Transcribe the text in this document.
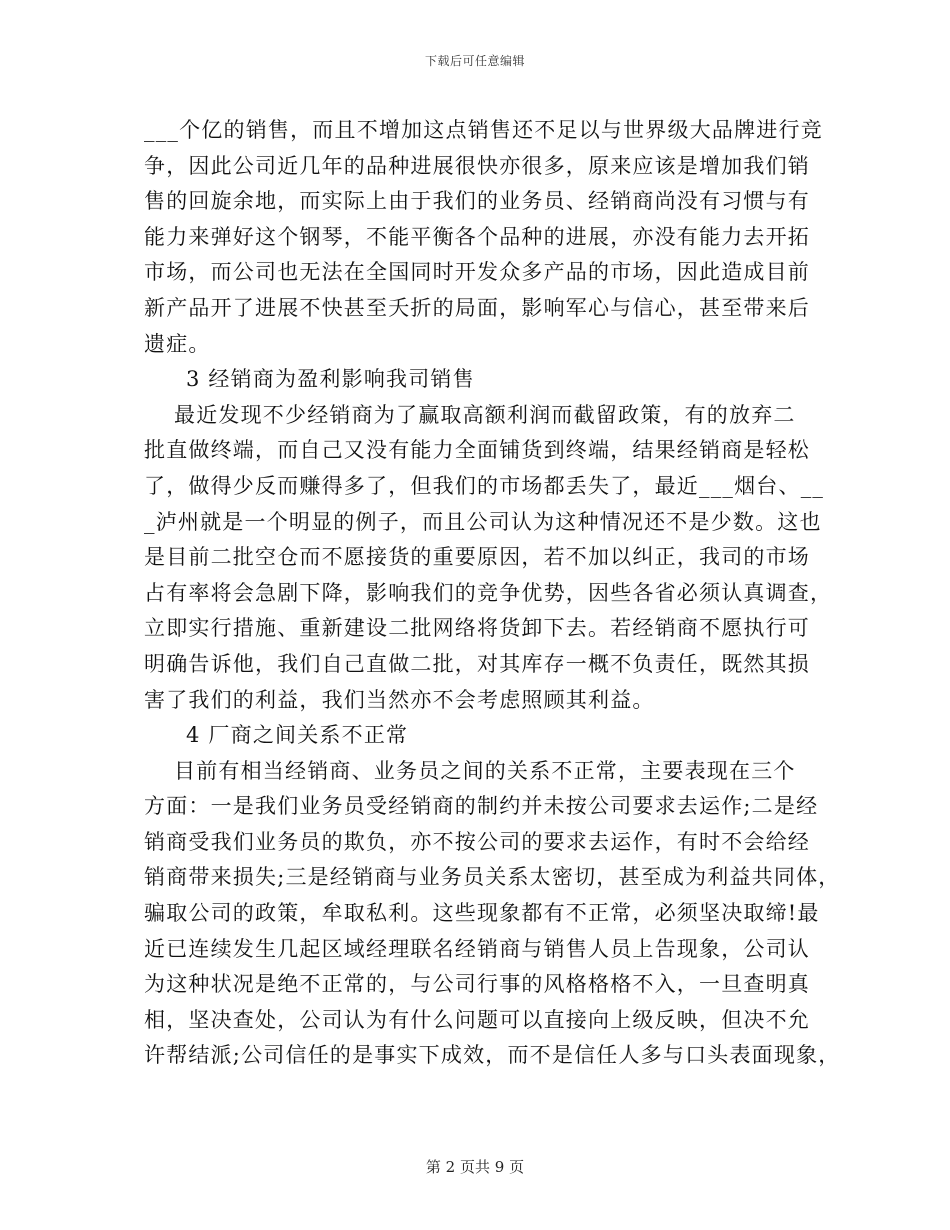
下载后可任意编辑
___个亿的销售，而且不增加这点销售还不足以与世界级大品牌进行竞
争，因此公司近几年的品种进展很快亦很多，原来应该是增加我们销
售的回旋余地，而实际上由于我们的业务员、经销商尚没有习惯与有
能力来弹好这个钢琴，不能平衡各个品种的进展，亦没有能力去开拓
市场，而公司也无法在全国同时开发众多产品的市场，因此造成目前
新产品开了进展不快甚至夭折的局面，影响军心与信心，甚至带来后
遗症。
3 经销商为盈利影响我司销售
最近发现不少经销商为了赢取高额利润而截留政策，有的放弃二
批直做终端，而自己又没有能力全面铺货到终端，结果经销商是轻松
了，做得少反而赚得多了，但我们的市场都丢失了，最近___烟台、__
_泸州就是一个明显的例子，而且公司认为这种情况还不是少数。这也
是目前二批空仓而不愿接货的重要原因，若不加以纠正，我司的市场
占有率将会急剧下降，影响我们的竞争优势，因些各省必须认真调查，
立即实行措施、重新建设二批网络将货卸下去。若经销商不愿执行可
明确告诉他，我们自己直做二批，对其库存一概不负责任，既然其损
害了我们的利益，我们当然亦不会考虑照顾其利益。
4 厂商之间关系不正常
目前有相当经销商、业务员之间的关系不正常，主要表现在三个
方面：一是我们业务员受经销商的制约并未按公司要求去运作;二是经
销商受我们业务员的欺负，亦不按公司的要求去运作，有时不会给经
销商带来损失;三是经销商与业务员关系太密切，甚至成为利益共同体，
骗取公司的政策，牟取私利。这些现象都有不正常，必须坚决取缔!最
近已连续发生几起区域经理联名经销商与销售人员上告现象，公司认
为这种状况是绝不正常的，与公司行事的风格格格不入，一旦查明真
相，坚决查处，公司认为有什么问题可以直接向上级反映，但决不允
许帮结派;公司信任的是事实下成效，而不是信任人多与口头表面现象，
第 2 页共 9 页
